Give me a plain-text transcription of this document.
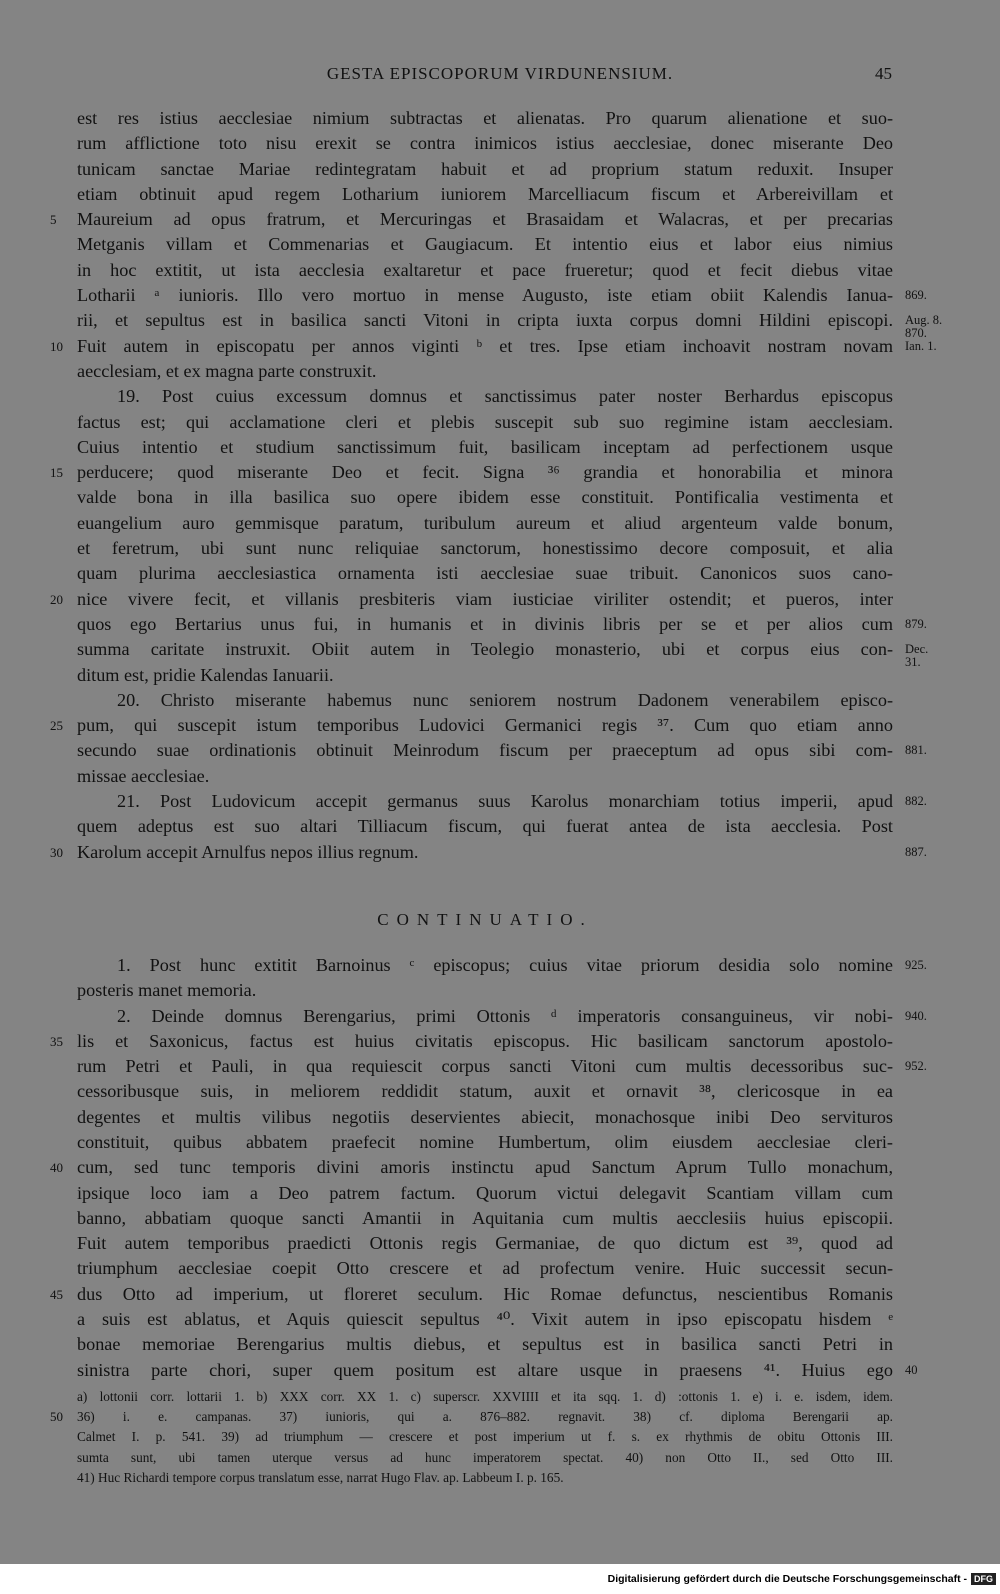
GESTA EPISCOPORUM VIRDUNENSIUM.	45
est res istius aecclesiae nimium subtractas et alienatas. Pro quarum alienatione et suo-
rum afflictione toto nisu erexit se contra inimicos istius aecclesiae, donec miserante Deo
tunicam sanctae Mariae redintegratam habuit et ad proprium statum reduxit. Insuper
etiam obtinuit apud regem Lotharium iuniorem Marcelliacum fiscum et Arbereivillam et
5 Maureium ad opus fratrum, et Mercuringas et Brasaidam et Walacras, et per precarias
Metganis villam et Commenarias et Gaugiacum. Et intentio eius et labor eius nimius
in hoc extitit, ut ista aecclesia exaltaretur et pace frueretur; quod et fecit diebus vitae
Lotharii ᵃ iunioris. Illo vero mortuo in mense Augusto, iste etiam obiit Kalendis Ianua- 869.
rii, et sepultus est in basilica sancti Vitoni in cripta iuxta corpus domni Hildini episcopi. Aug. 8.
870.
10 Fuit autem in episcopatu per annos viginti ᵇ et tres. Ipse etiam inchoavit nostram novam Ian. 1.
aecclesiam, et ex magna parte construxit.
19. Post cuius excessum domnus et sanctissimus pater noster Berhardus episcopus
factus est; qui acclamatione cleri et plebis suscepit sub suo regimine istam aecclesiam.
Cuius intentio et studium sanctissimum fuit, basilicam inceptam ad perfectionem usque
15 perducere; quod miserante Deo et fecit. Signa ³⁶ grandia et honorabilia et minora
valde bona in illa basilica suo opere ibidem esse constituit. Pontificalia vestimenta et
euangelium auro gemmisque paratum, turibulum aureum et aliud argenteum valde bonum,
et feretrum, ubi sunt nunc reliquiae sanctorum, honestissimo decore composuit, et alia
quam plurima aecclesiastica ornamenta isti aecclesiae suae tribuit. Canonicos suos cano-
20 nice vivere fecit, et villanis presbiteris viam iusticiae viriliter ostendit; et pueros, inter
quos ego Bertarius unus fui, in humanis et in divinis libris per se et per alios cum 879.
summa caritate instruxit. Obiit autem in Teolegio monasterio, ubi et corpus eius con- Dec.
31.
ditum est, pridie Kalendas Ianuarii.
20. Christo miserante habemus nunc seniorem nostrum Dadonem venerabilem episco-
25 pum, qui suscepit istum temporibus Ludovici Germanici regis ³⁷. Cum quo etiam anno
secundo suae ordinationis obtinuit Meinrodum fiscum per praeceptum ad opus sibi com- 881.
missae aecclesiae.
21. Post Ludovicum accepit germanus suus Karolus monarchiam totius imperii, apud 882.
quem adeptus est suo altari Tilliacum fiscum, qui fuerat antea de ista aecclesia. Post
30 Karolum accepit Arnulfus nepos illius regnum.	887.
CONTINUATIO.
1. Post hunc extitit Barnoinus ᶜ episcopus; cuius vitae priorum desidia solo nomine 925.
posteris manet memoria.
2. Deinde domnus Berengarius, primi Ottonis ᵈ imperatoris consanguineus, vir nobi- 940.
35 lis et Saxonicus, factus est huius civitatis episcopus. Hic basilicam sanctorum apostolo-
rum Petri et Pauli, in qua requiescit corpus sancti Vitoni cum multis decessoribus suc- 952.
cessoribusque suis, in meliorem reddidit statum, auxit et ornavit ³⁸, clericosque in ea
degentes et multis vilibus negotiis deservientes abiecit, monachosque inibi Deo servituros
constituit, quibus abbatem praefecit nomine Humbertum, olim eiusdem aecclesiae cleri-
40 cum, sed tunc temporis divini amoris instinctu apud Sanctum Aprum Tullo monachum,
ipsique loco iam a Deo patrem factum. Quorum victui delegavit Scantiam villam cum
banno, abbatiam quoque sancti Amantii in Aquitania cum multis aecclesiis huius episcopii.
Fuit autem temporibus praedicti Ottonis regis Germaniae, de quo dictum est ³⁹, quod ad
triumphum aecclesiae coepit Otto crescere et ad profectum venire. Huic successit secun-
45 dus Otto ad imperium, ut floreret seculum. Hic Romae defunctus, nescientibus Romanis
a suis est ablatus, et Aquis quiescit sepultus ⁴⁰. Vixit autem in ipso episcopatu hisdem ᵉ
bonae memoriae Berengarius multis diebus, et sepultus est in basilica sancti Petri in
sinistra parte chori, super quem positum est altare usque in praesens ⁴¹. Huius ego 40
a) lottonii corr. lottarii 1. b) XXX corr. XX 1. c) superscr. XXVIIII et ita sqq. 1. d) :ottonis 1. e) i. e. isdem, idem.
50 36) i. e. campanas. 37) iunioris, qui a. 876–882. regnavit. 38) cf. diploma Berengarii ap.
Calmet I. p. 541. 39) ad triumphum — crescere et post imperium ut f. s. ex rhythmis de obitu Ottonis III.
sumta sunt, ubi tamen uterque versus ad hunc imperatorem spectat. 40) non Otto II., sed Otto III.
41) Huc Richardi tempore corpus translatum esse, narrat Hugo Flav. ap. Labbeum I. p. 165.
Digitalisierung gefördert durch die Deutsche Forschungsgemeinschaft - DFG
